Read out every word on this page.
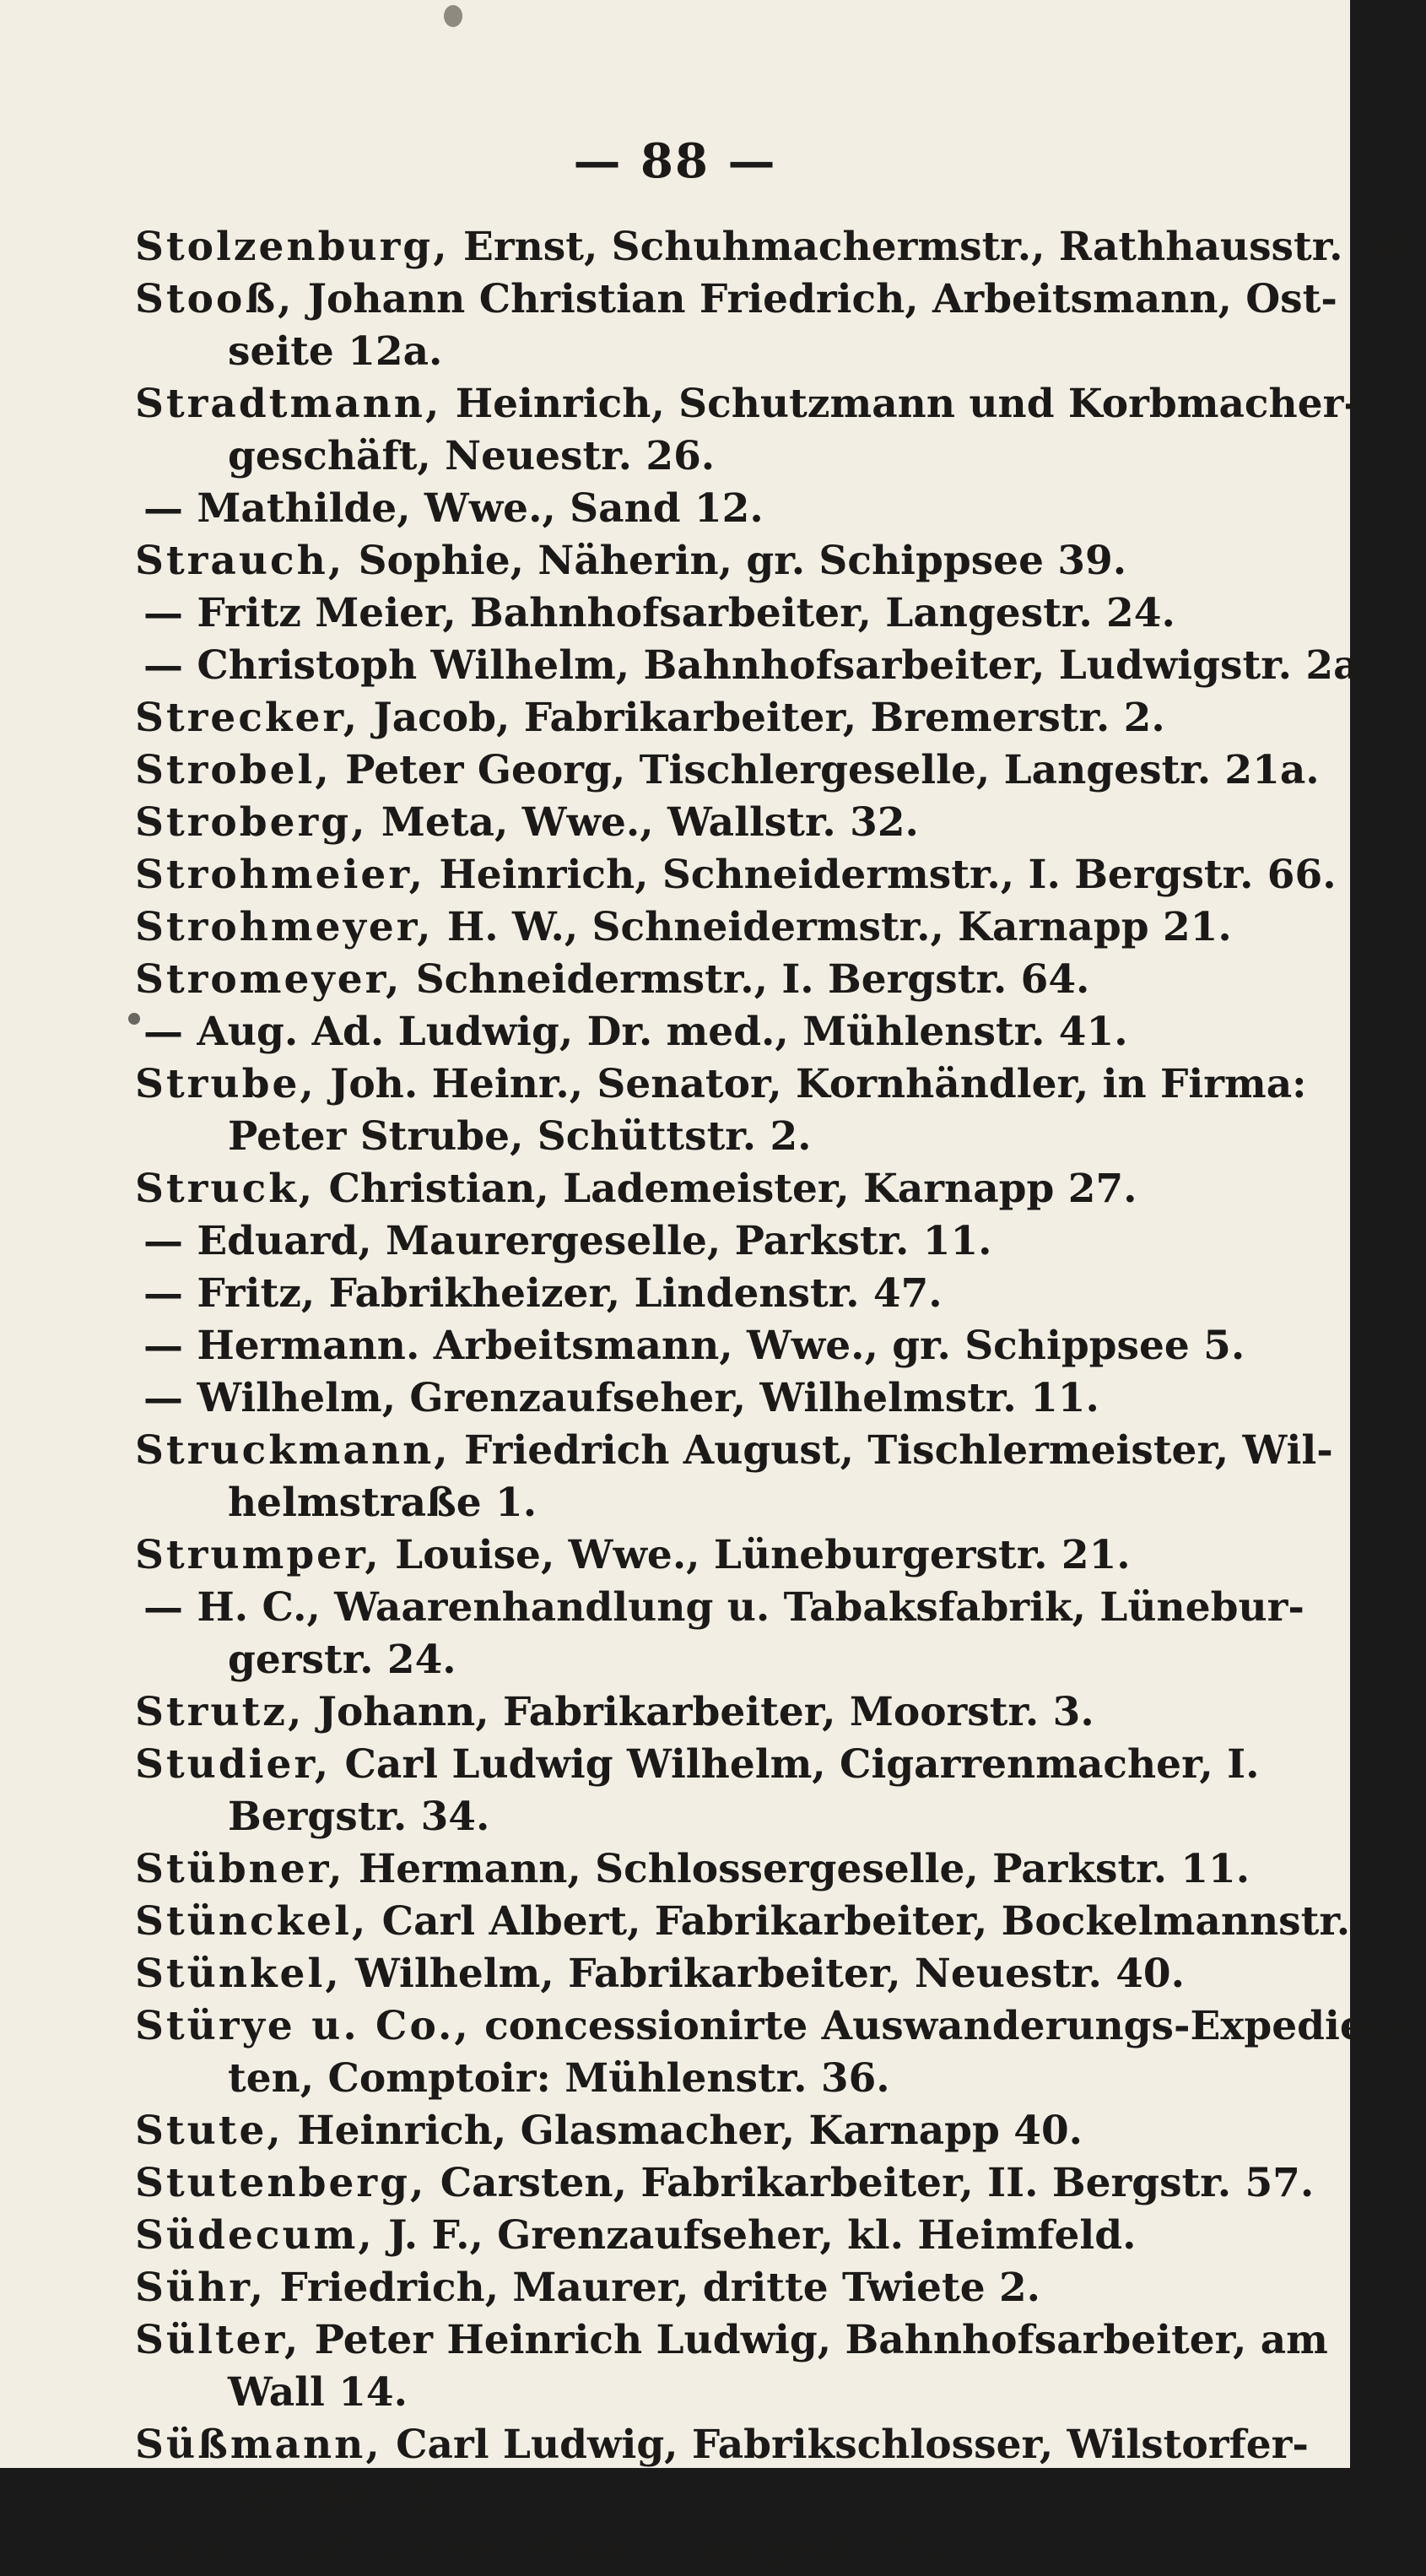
— 88 —
Stolzenburg, Ernst, Schuhmachermstr., Rathhausstr. 30.
Stooß, Johann Christian Friedrich, Arbeitsmann, Ost-
seite 12a.
Stradtmann, Heinrich, Schutzmann und Korbmacher-
geschäft, Neuestr. 26.
— Mathilde, Wwe., Sand 12.
Strauch, Sophie, Näherin, gr. Schippsee 39.
— Fritz Meier, Bahnhofsarbeiter, Langestr. 24.
— Christoph Wilhelm, Bahnhofsarbeiter, Ludwigstr. 2a.
Strecker, Jacob, Fabrikarbeiter, Bremerstr. 2.
Strobel, Peter Georg, Tischlergeselle, Langestr. 21a.
Stroberg, Meta, Wwe., Wallstr. 32.
Strohmeier, Heinrich, Schneidermstr., I. Bergstr. 66.
Strohmeyer, H. W., Schneidermstr., Karnapp 21.
Stromeyer, Schneidermstr., I. Bergstr. 64.
— Aug. Ad. Ludwig, Dr. med., Mühlenstr. 41.
Strube, Joh. Heinr., Senator, Kornhändler, in Firma:
Peter Strube, Schüttstr. 2.
Struck, Christian, Lademeister, Karnapp 27.
— Eduard, Maurergeselle, Parkstr. 11.
— Fritz, Fabrikheizer, Lindenstr. 47.
— Hermann. Arbeitsmann, Wwe., gr. Schippsee 5.
— Wilhelm, Grenzaufseher, Wilhelmstr. 11.
Struckmann, Friedrich August, Tischlermeister, Wil-
helmstraße 1.
Strumper, Louise, Wwe., Lüneburgerstr. 21.
— H. C., Waarenhandlung u. Tabaksfabrik, Lünebur-
gerstr. 24.
Strutz, Johann, Fabrikarbeiter, Moorstr. 3.
Studier, Carl Ludwig Wilhelm, Cigarrenmacher, I.
Bergstr. 34.
Stübner, Hermann, Schlossergeselle, Parkstr. 11.
Stünckel, Carl Albert, Fabrikarbeiter, Bockelmannstr. 1.
Stünkel, Wilhelm, Fabrikarbeiter, Neuestr. 40.
Stürye u. Co., concessionirte Auswanderungs-Expedien-
ten, Comptoir: Mühlenstr. 36.
Stute, Heinrich, Glasmacher, Karnapp 40.
Stutenberg, Carsten, Fabrikarbeiter, II. Bergstr. 57.
Südecum, J. F., Grenzaufseher, kl. Heimfeld.
Sühr, Friedrich, Maurer, dritte Twiete 2.
Sülter, Peter Heinrich Ludwig, Bahnhofsarbeiter, am
Wall 14.
Süßmann, Carl Ludwig, Fabrikschlosser, Wilstorfer-
straße 19.
Suhr, Catharine, Wwe., Langestr. 12.
